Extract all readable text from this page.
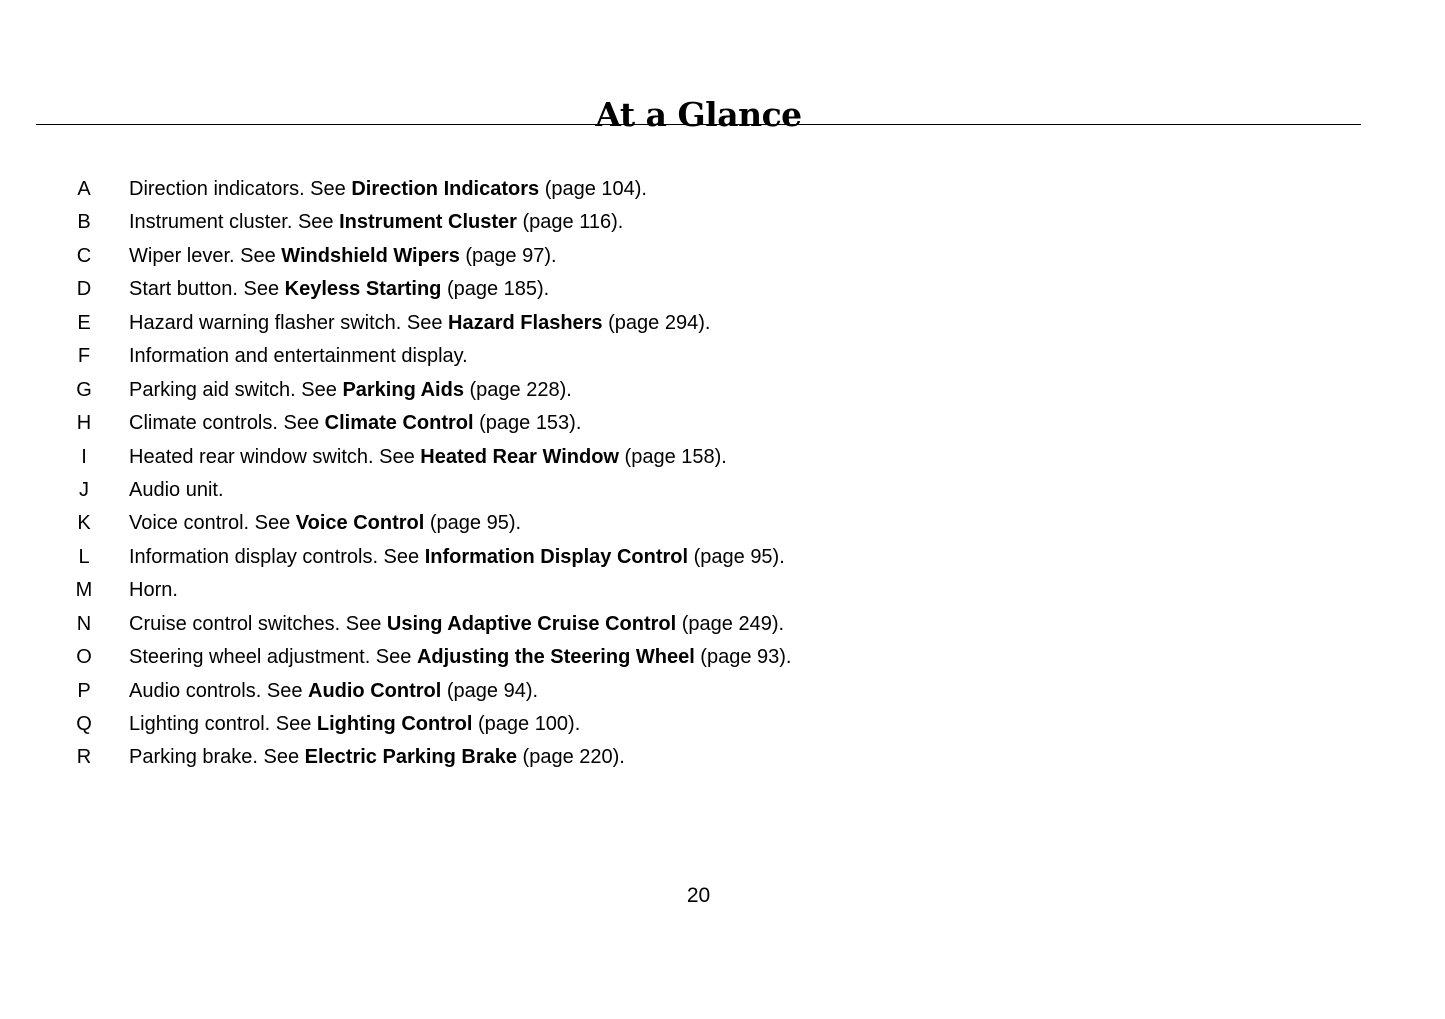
At a Glance
A	Direction indicators. See Direction Indicators (page 104).
B	Instrument cluster. See Instrument Cluster (page 116).
C	Wiper lever. See Windshield Wipers (page 97).
D	Start button. See Keyless Starting (page 185).
E	Hazard warning flasher switch. See Hazard Flashers (page 294).
F	Information and entertainment display.
G	Parking aid switch. See Parking Aids (page 228).
H	Climate controls. See Climate Control (page 153).
I	Heated rear window switch. See Heated Rear Window (page 158).
J	Audio unit.
K	Voice control. See Voice Control (page 95).
L	Information display controls. See Information Display Control (page 95).
M	Horn.
N	Cruise control switches. See Using Adaptive Cruise Control (page 249).
O	Steering wheel adjustment. See Adjusting the Steering Wheel (page 93).
P	Audio controls. See Audio Control (page 94).
Q	Lighting control. See Lighting Control (page 100).
R	Parking brake. See Electric Parking Brake (page 220).
20
